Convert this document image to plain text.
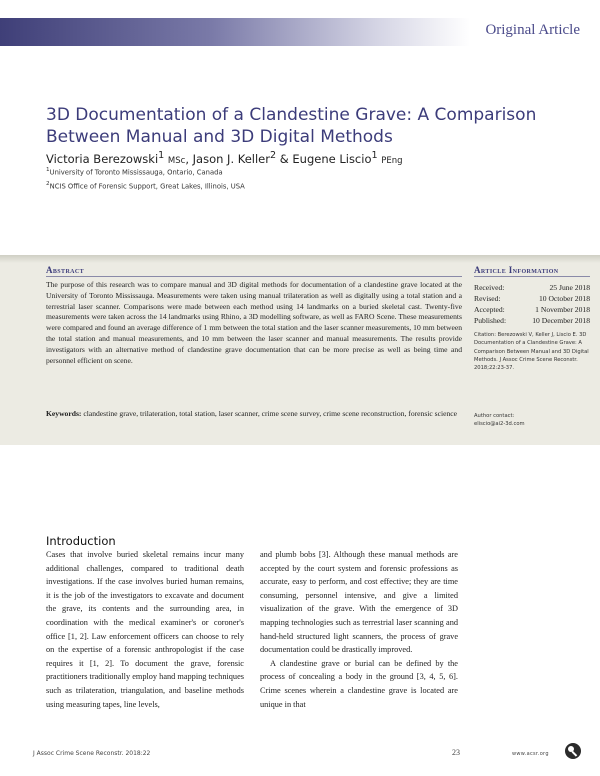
Original Article
3D Documentation of a Clandestine Grave: A Comparison Between Manual and 3D Digital Methods
Victoria Berezowski$^1$ MSc, Jason J. Keller$^2$ & Eugene Liscio$^1$ PEng
$^1$University of Toronto Mississauga, Ontario, Canada
$^2$NCIS Office of Forensic Support, Great Lakes, Illinois, USA
Abstract

The purpose of this research was to compare manual and 3D digital methods for documentation of a clandestine grave located at the University of Toronto Mississauga. Measurements were taken using manual trilateration as well as digitally using a total station and a terrestrial laser scanner. Comparisons were made between each method using 14 landmarks on a buried skeletal cast. Twenty-five measurements were taken across the 14 landmarks using Rhino, a 3D modelling software, as well as FARO Scene. These measurements were compared and found an average difference of 1 mm between the total station and the laser scanner measurements, 10 mm between the total station and manual measurements, and 10 mm between the laser scanner and manual measurements. The results provide investigators with an alternative method of clandestine grave documentation that can be more precise as well as being time and personnel efficient on scene.

Keywords: clandestine grave, trilateration, total station, laser scanner, crime scene survey, crime scene reconstruction, forensic science

Article Information
Received:	25 June 2018
Revised:	10 October 2018
Accepted:	1 November 2018
Published:	10 December 2018

Citation: Berezowski V, Keller J, Liscio E. 3D Documentation of a Clandestine Grave: A Comparison Between Manual and 3D Digital Methods. J Assoc Crime Scene Reconstr. 2018;22:23-37.

Author contact:
eliscio@ai2-3d.com
Introduction

Cases that involve buried skeletal remains incur many additional challenges, compared to traditional death investigations. If the case involves buried human remains, it is the job of the investigators to excavate and document the grave, its contents and the surrounding area, in coordination with the medical examiner's or coroner's office [1, 2]. Law enforcement officers can choose to rely on the expertise of a forensic anthropologist if the case requires it [1, 2]. To document the grave, forensic practitioners traditionally employ hand mapping techniques such as trilateration, triangulation, and baseline methods using measuring tapes, line levels,

and plumb bobs [3]. Although these manual methods are accepted by the court system and forensic professions as accurate, easy to perform, and cost effective; they are time consuming, personnel intensive, and give a limited visualization of the grave. With the emergence of 3D mapping technologies such as terrestrial laser scanning and hand-held structured light scanners, the process of grave documentation could be drastically improved.

A clandestine grave or burial can be defined by the process of concealing a body in the ground [3, 4, 5, 6]. Crime scenes wherein a clandestine grave is located are unique in that

J Assoc Crime Scene Reconstr. 2018:22	23	www.acsr.org
